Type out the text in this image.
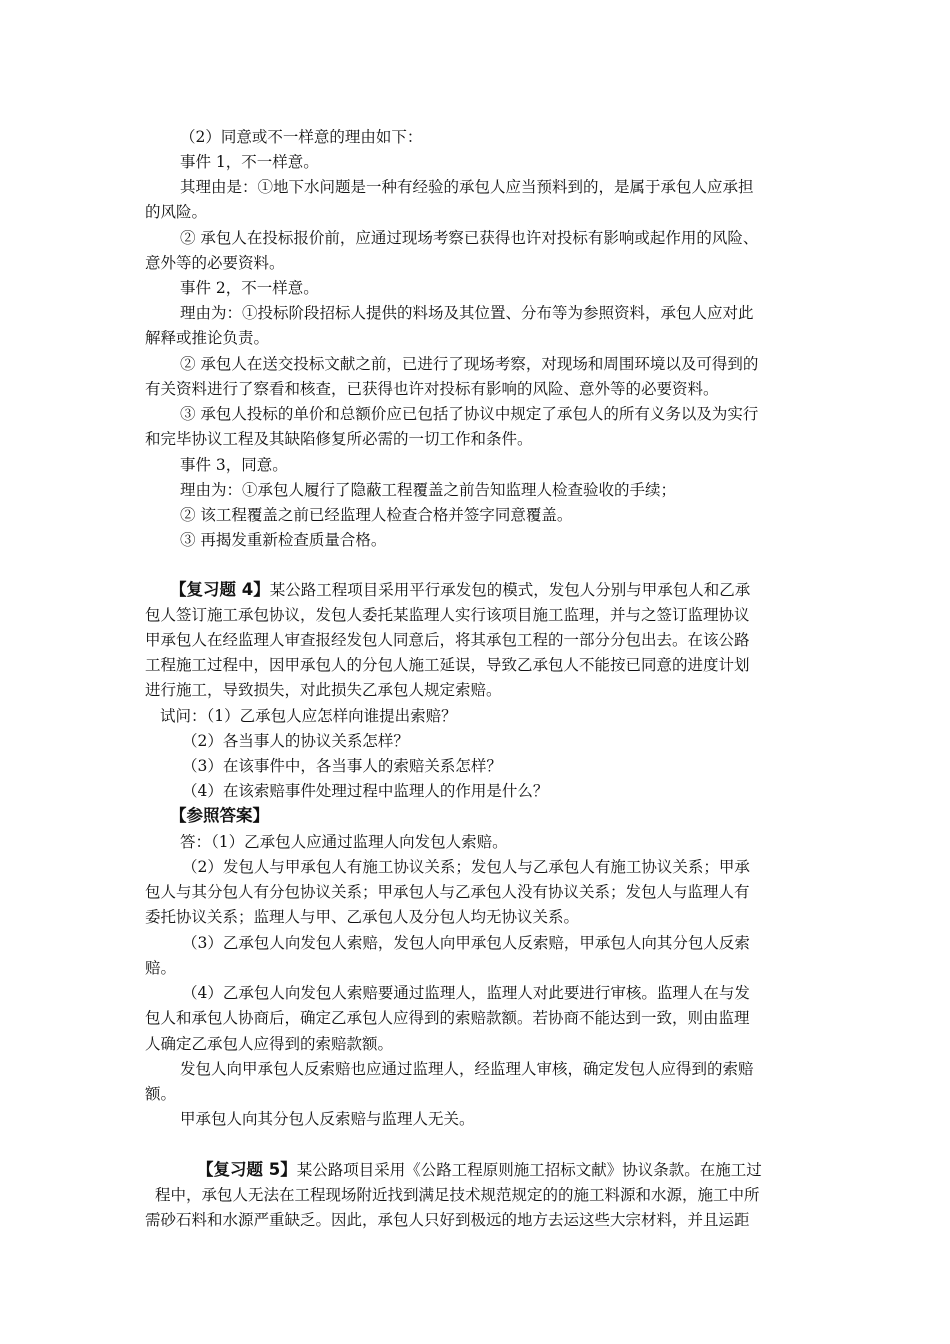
（2）同意或不一样意的理由如下：
事件 1，不一样意。
其理由是：①地下水问题是一种有经验的承包人应当预料到的，是属于承包人应承担
的风险。
② 承包人在投标报价前，应通过现场考察已获得也许对投标有影响或起作用的风险、
意外等的必要资料。
事件 2，不一样意。
理由为：①投标阶段招标人提供的料场及其位置、分布等为参照资料，承包人应对此
解释或推论负责。
② 承包人在送交投标文献之前，已进行了现场考察，对现场和周围环境以及可得到的
有关资料进行了察看和核查，已获得也许对投标有影响的风险、意外等的必要资料。
③ 承包人投标的单价和总额价应已包括了协议中规定了承包人的所有义务以及为实行
和完毕协议工程及其缺陷修复所必需的一切工作和条件。
事件 3，同意。
理由为：①承包人履行了隐蔽工程覆盖之前告知监理人检查验收的手续；
② 该工程覆盖之前已经监理人检查合格并签字同意覆盖。
③ 再揭发重新检查质量合格。
【复习题 4】某公路工程项目采用平行承发包的模式，发包人分别与甲承包人和乙承
包人签订施工承包协议，发包人委托某监理人实行该项目施工监理，并与之签订监理协议
甲承包人在经监理人审查报经发包人同意后，将其承包工程的一部分分包出去。在该公路
工程施工过程中，因甲承包人的分包人施工延误，导致乙承包人不能按已同意的进度计划
进行施工，导致损失，对此损失乙承包人规定索赔。
试问：（1）乙承包人应怎样向谁提出索赔？
（2）各当事人的协议关系怎样？
（3）在该事件中，各当事人的索赔关系怎样？
（4）在该索赔事件处理过程中监理人的作用是什么？
【参照答案】
答：（1）乙承包人应通过监理人向发包人索赔。
（2）发包人与甲承包人有施工协议关系；发包人与乙承包人有施工协议关系；甲承
包人与其分包人有分包协议关系；甲承包人与乙承包人没有协议关系；发包人与监理人有
委托协议关系；监理人与甲、乙承包人及分包人均无协议关系。
（3）乙承包人向发包人索赔，发包人向甲承包人反索赔，甲承包人向其分包人反索
赔。
（4）乙承包人向发包人索赔要通过监理人，监理人对此要进行审核。监理人在与发
包人和承包人协商后，确定乙承包人应得到的索赔款额。若协商不能达到一致，则由监理
人确定乙承包人应得到的索赔款额。
发包人向甲承包人反索赔也应通过监理人，经监理人审核，确定发包人应得到的索赔
额。
甲承包人向其分包人反索赔与监理人无关。
【复习题 5】某公路项目采用《公路工程原则施工招标文献》协议条款。在施工过
程中，承包人无法在工程现场附近找到满足技术规范规定的的施工料源和水源，施工中所
需砂石料和水源严重缺乏。因此，承包人只好到极远的地方去运这些大宗材料，并且运距
